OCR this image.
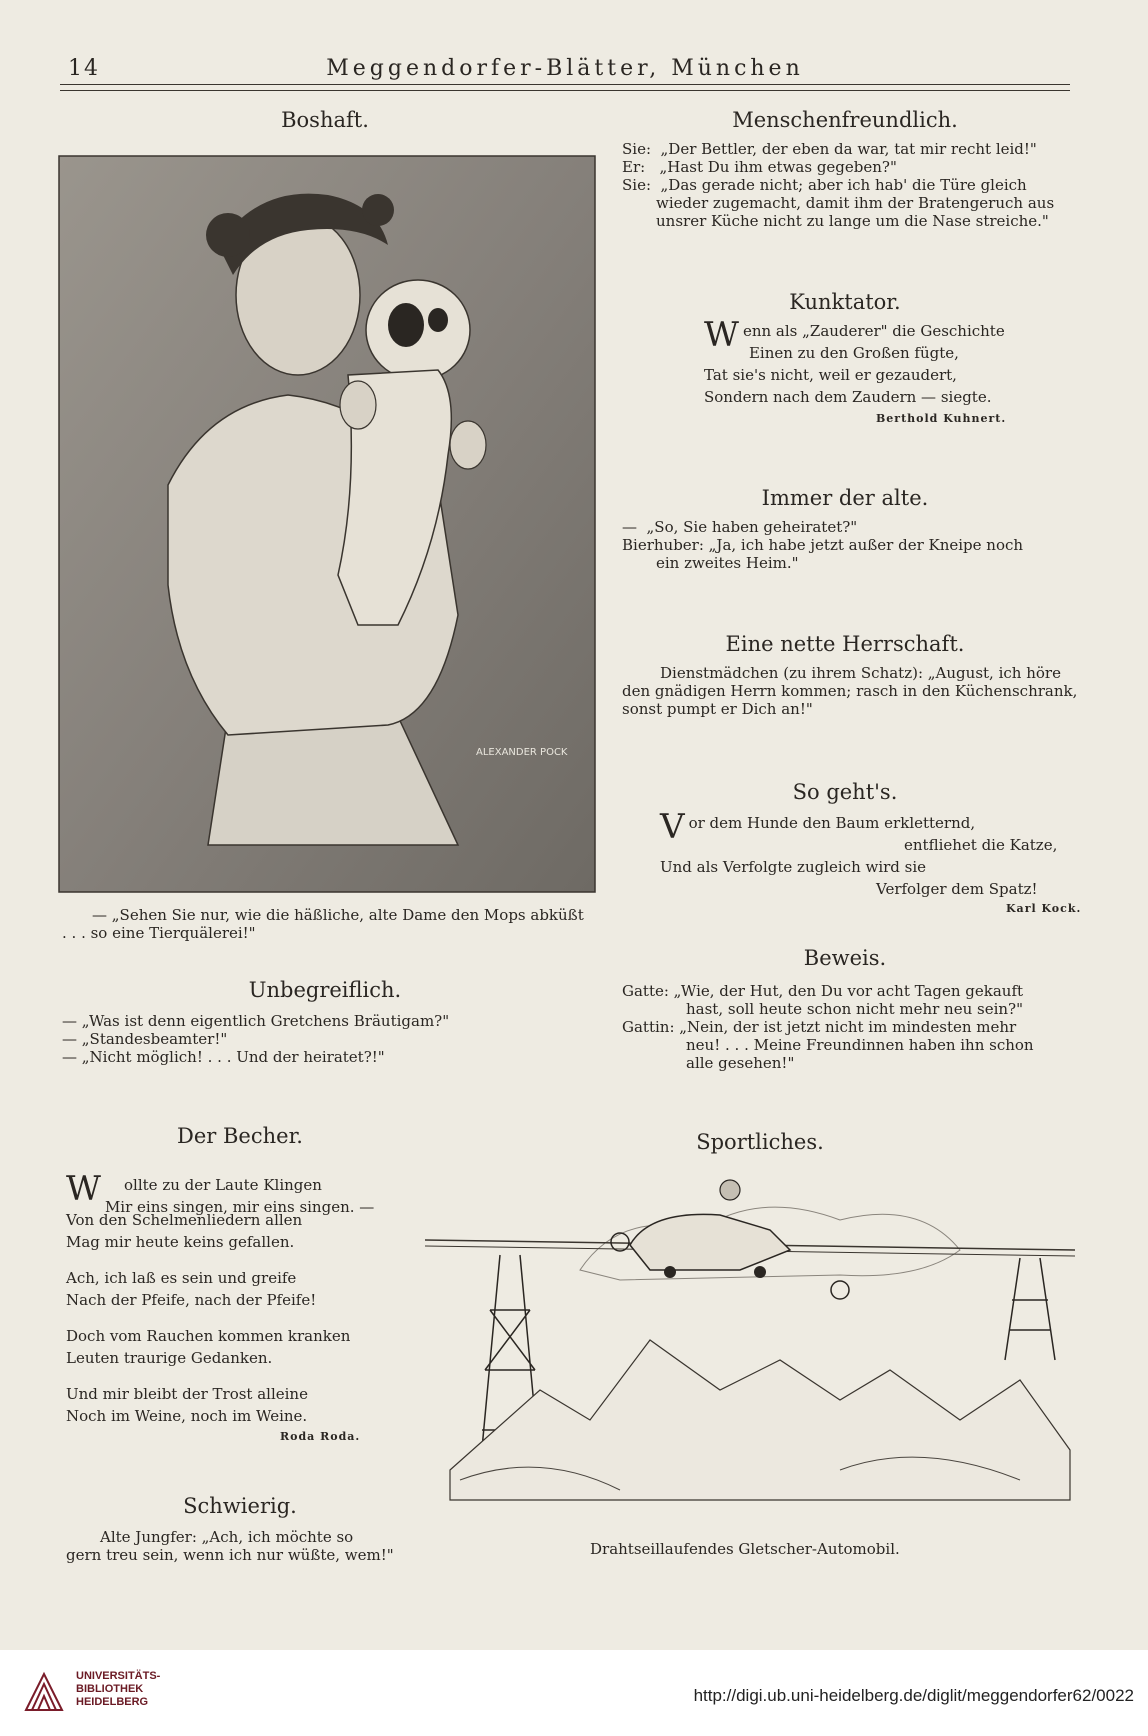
14	Meggendorfer-Blätter, München
Boshaft.
ALEXANDER POCK
— „Sehen Sie nur, wie die häßliche, alte Dame den Mops abküßt
. . . so eine Tierquälerei!"
Unbegreiflich.
— „Was ist denn eigentlich Gretchens Bräutigam?"
— „Standesbeamter!"
— „Nicht möglich! . . . Und der heiratet?!"
Der Becher.

W ollte zu der Laute Klingen
Mir eins singen, mir eins singen. —
Von den Schelmenliedern allen
Mag mir heute keins gefallen.
Ach, ich laß es sein und greife
Nach der Pfeife, nach der Pfeife!
Doch vom Rauchen kommen kranken
Leuten traurige Gedanken.
Und mir bleibt der Trost alleine
Noch im Weine, noch im Weine.
Roda Roda.
Schwierig.
Alte Jungfer: „Ach, ich möchte so
gern treu sein, wenn ich nur wüßte, wem!"
Menschenfreundlich.
Sie:  „Der Bettler, der eben da war, tat mir recht leid!"
Er:   „Hast Du ihm etwas gegeben?"
Sie:  „Das gerade nicht; aber ich hab' die Türe gleich
wieder zugemacht, damit ihm der Bratengeruch aus
unsrer Küche nicht zu lange um die Nase streiche."
Kunktator.
Wenn als „Zauderer" die Geschichte
Einen zu den Großen fügte,
Tat sie's nicht, weil er gezaudert,
Sondern nach dem Zaudern — siegte.
Berthold Kuhnert.
Immer der alte.
—  „So, Sie haben geheiratet?"
Bierhuber: „Ja, ich habe jetzt außer der Kneipe noch
ein zweites Heim."
Eine nette Herrschaft.
Dienstmädchen (zu ihrem Schatz): „August, ich höre
den gnädigen Herrn kommen; rasch in den Küchenschrank,
sonst pumpt er Dich an!"
So geht's.
Vor dem Hunde den Baum erkletternd,
entfliehet die Katze,
Und als Verfolgte zugleich wird sie
Verfolger dem Spatz!
Karl Kock.
Beweis.
Gatte: „Wie, der Hut, den Du vor acht Tagen gekauft
hast, soll heute schon nicht mehr neu sein?"
Gattin: „Nein, der ist jetzt nicht im mindesten mehr
neu! . . . Meine Freundinnen haben ihn schon
alle gesehen!"
Sportliches.
Drahtseillaufendes Gletscher-Automobil.
UNIVERSITÄTS-
BIBLIOTHEK
HEIDELBERG	http://digi.ub.uni-heidelberg.de/diglit/meggendorfer62/0022
